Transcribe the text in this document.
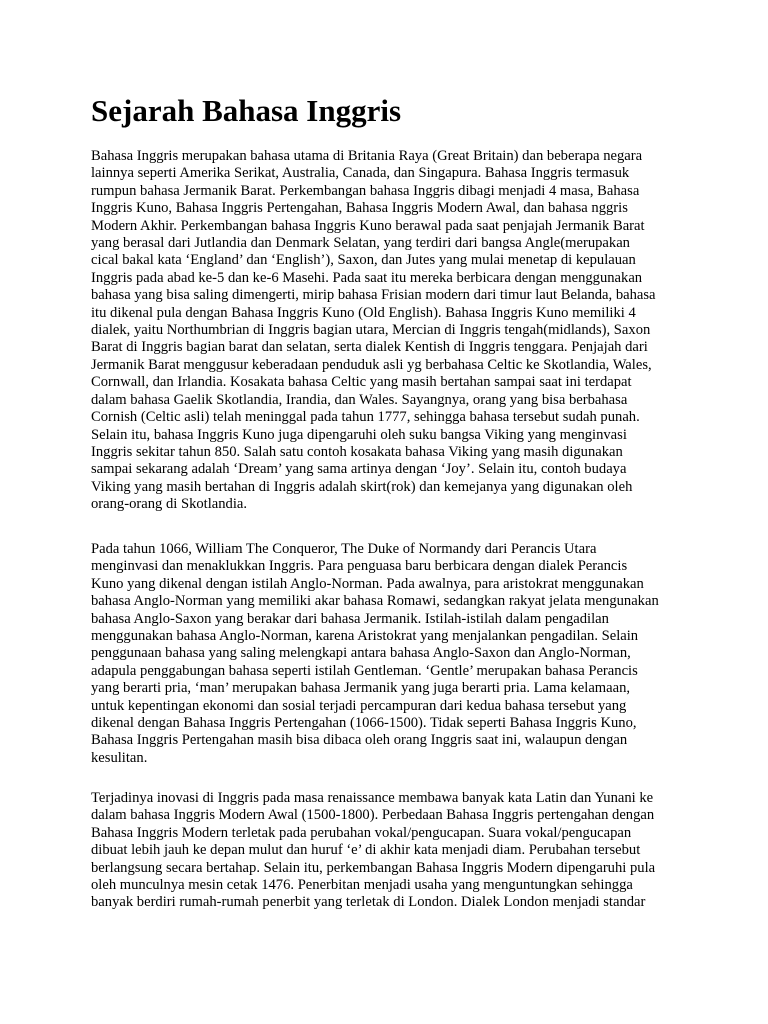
Sejarah Bahasa Inggris

Bahasa Inggris merupakan bahasa utama di Britania Raya (Great Britain) dan beberapa negara
lainnya seperti Amerika Serikat, Australia, Canada, dan Singapura. Bahasa Inggris termasuk
rumpun bahasa Jermanik Barat. Perkembangan bahasa Inggris dibagi menjadi 4 masa, Bahasa
Inggris Kuno, Bahasa Inggris Pertengahan, Bahasa Inggris Modern Awal, dan bahasa nggris
Modern Akhir. Perkembangan bahasa Inggris Kuno berawal pada saat penjajah Jermanik Barat
yang berasal dari Jutlandia dan Denmark Selatan, yang terdiri dari bangsa Angle(merupakan
cical bakal kata ‘England’ dan ‘English’), Saxon, dan Jutes yang mulai menetap di kepulauan
Inggris pada abad ke-5 dan ke-6 Masehi. Pada saat itu mereka berbicara dengan menggunakan
bahasa yang bisa saling dimengerti, mirip bahasa Frisian modern dari timur laut Belanda, bahasa
itu dikenal pula dengan Bahasa Inggris Kuno (Old English). Bahasa Inggris Kuno memiliki 4
dialek, yaitu Northumbrian di Inggris bagian utara, Mercian di Inggris tengah(midlands), Saxon
Barat di Inggris bagian barat dan selatan, serta dialek Kentish di Inggris tenggara. Penjajah dari
Jermanik Barat menggusur keberadaan penduduk asli yg berbahasa Celtic ke Skotlandia, Wales,
Cornwall, dan Irlandia. Kosakata bahasa Celtic yang masih bertahan sampai saat ini terdapat
dalam bahasa Gaelik Skotlandia, Irandia, dan Wales. Sayangnya, orang yang bisa berbahasa
Cornish (Celtic asli) telah meninggal pada tahun 1777, sehingga bahasa tersebut sudah punah.
Selain itu, bahasa Inggris Kuno juga dipengaruhi oleh suku bangsa Viking yang menginvasi
Inggris sekitar tahun 850. Salah satu contoh kosakata bahasa Viking yang masih digunakan
sampai sekarang adalah ‘Dream’ yang sama artinya dengan ‘Joy’. Selain itu, contoh budaya
Viking yang masih bertahan di Inggris adalah skirt(rok) dan kemejanya yang digunakan oleh
orang-orang di Skotlandia.

Pada tahun 1066, William The Conqueror, The Duke of Normandy dari Perancis Utara
menginvasi dan menaklukkan Inggris. Para penguasa baru berbicara dengan dialek Perancis
Kuno yang dikenal dengan istilah Anglo-Norman. Pada awalnya, para aristokrat menggunakan
bahasa Anglo-Norman yang memiliki akar bahasa Romawi, sedangkan rakyat jelata mengunakan
bahasa Anglo-Saxon yang berakar dari bahasa Jermanik. Istilah-istilah dalam pengadilan
menggunakan bahasa Anglo-Norman, karena Aristokrat yang menjalankan pengadilan. Selain
penggunaan bahasa yang saling melengkapi antara bahasa Anglo-Saxon dan Anglo-Norman,
adapula penggabungan bahasa seperti istilah Gentleman. ‘Gentle’ merupakan bahasa Perancis
yang berarti pria, ‘man’ merupakan bahasa Jermanik yang juga berarti pria. Lama kelamaan,
untuk kepentingan ekonomi dan sosial terjadi percampuran dari kedua bahasa tersebut yang
dikenal dengan Bahasa Inggris Pertengahan (1066-1500). Tidak seperti Bahasa Inggris Kuno,
Bahasa Inggris Pertengahan masih bisa dibaca oleh orang Inggris saat ini, walaupun dengan
kesulitan.

Terjadinya inovasi di Inggris pada masa renaissance membawa banyak kata Latin dan Yunani ke
dalam bahasa Inggris Modern Awal (1500-1800). Perbedaan Bahasa Inggris pertengahan dengan
Bahasa Inggris Modern terletak pada perubahan vokal/pengucapan. Suara vokal/pengucapan
dibuat lebih jauh ke depan mulut dan huruf ‘e’ di akhir kata menjadi diam. Perubahan tersebut
berlangsung secara bertahap. Selain itu, perkembangan Bahasa Inggris Modern dipengaruhi pula
oleh munculnya mesin cetak 1476. Penerbitan menjadi usaha yang menguntungkan sehingga
banyak berdiri rumah-rumah penerbit yang terletak di London. Dialek London menjadi standar
